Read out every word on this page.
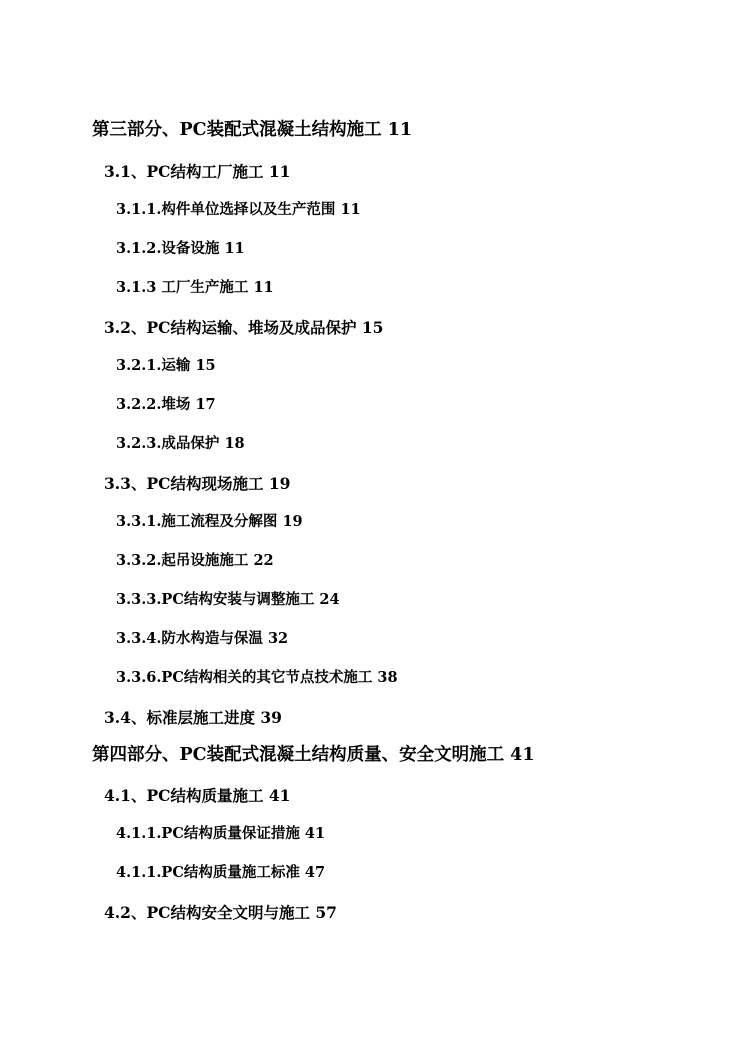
第三部分、PC装配式混凝土结构施工 11
3.1、PC结构工厂施工 11
3.1.1.构件单位选择以及生产范围 11
3.1.2.设备设施 11
3.1.3 工厂生产施工 11
3.2、PC结构运输、堆场及成品保护 15
3.2.1.运输 15
3.2.2.堆场 17
3.2.3.成品保护 18
3.3、PC结构现场施工 19
3.3.1.施工流程及分解图 19
3.3.2.起吊设施施工 22
3.3.3.PC结构安装与调整施工 24
3.3.4.防水构造与保温 32
3.3.6.PC结构相关的其它节点技术施工 38
3.4、标准层施工进度 39
第四部分、PC装配式混凝土结构质量、安全文明施工 41
4.1、PC结构质量施工 41
4.1.1.PC结构质量保证措施 41
4.1.1.PC结构质量施工标准 47
4.2、PC结构安全文明与施工 57
